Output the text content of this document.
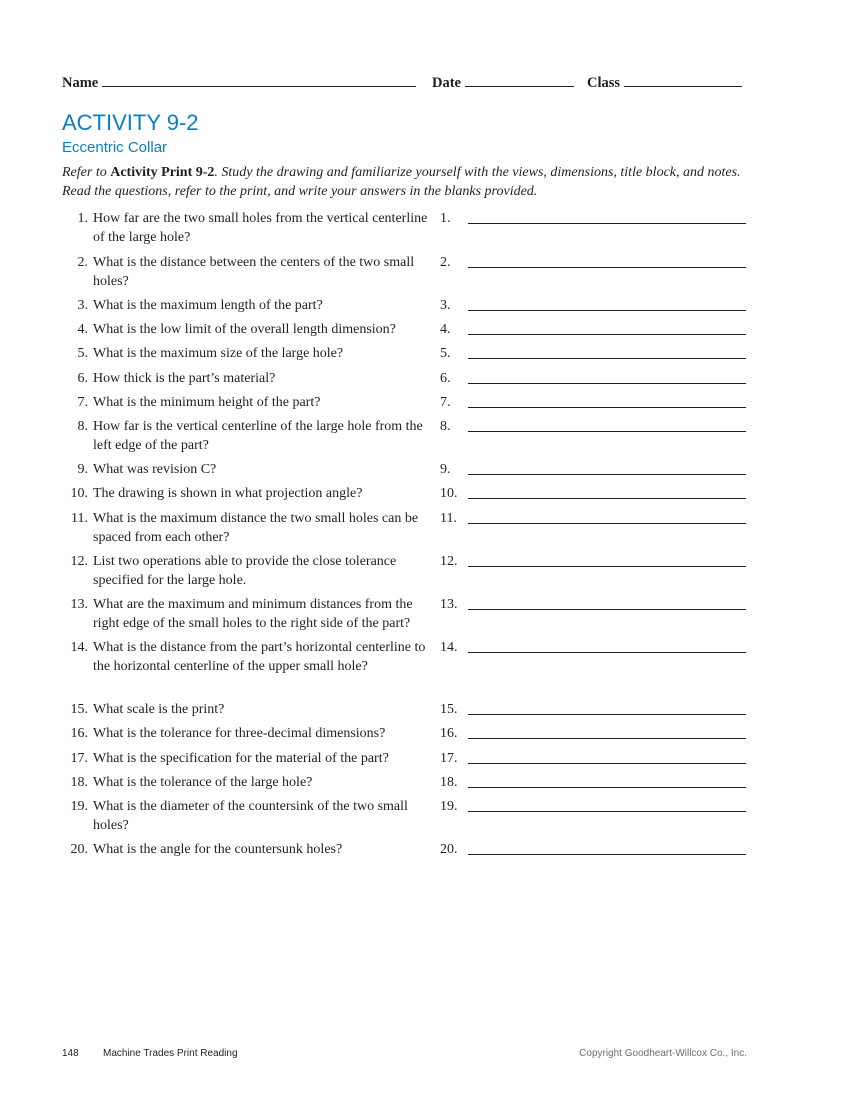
Name	Date	Class
ACTIVITY 9-2
Eccentric Collar
Refer to Activity Print 9-2. Study the drawing and familiarize yourself with the views, dimensions, title block, and notes. Read the questions, refer to the print, and write your answers in the blanks provided.
1. How far are the two small holes from the vertical centerline of the large hole?
1.
2. What is the distance between the centers of the two small holes?
2.
3. What is the maximum length of the part?	3.
4. What is the low limit of the overall length dimension?	4.
5. What is the maximum size of the large hole?	5.
6. How thick is the part’s material?	6.
7. What is the minimum height of the part?	7.
8. How far is the vertical centerline of the large hole from the left edge of the part?
8.
9. What was revision C?	9.
10. The drawing is shown in what projection angle?	10.
11. What is the maximum distance the two small holes can be spaced from each other?
11.
12. List two operations able to provide the close tolerance specified for the large hole.
12.
13. What are the maximum and minimum distances from the right edge of the small holes to the right side of the part?
13.
14. What is the distance from the part’s horizontal centerline to the horizontal centerline of the upper small hole?
14.
15. What scale is the print?	15.
16. What is the tolerance for three-decimal dimensions?	16.
17. What is the specification for the material of the part?	17.
18. What is the tolerance of the large hole?	18.
19. What is the diameter of the countersink of the two small holes?
19.
20. What is the angle for the countersunk holes?	20.
148 Machine Trades Print Reading	Copyright Goodheart-Willcox Co., Inc.
